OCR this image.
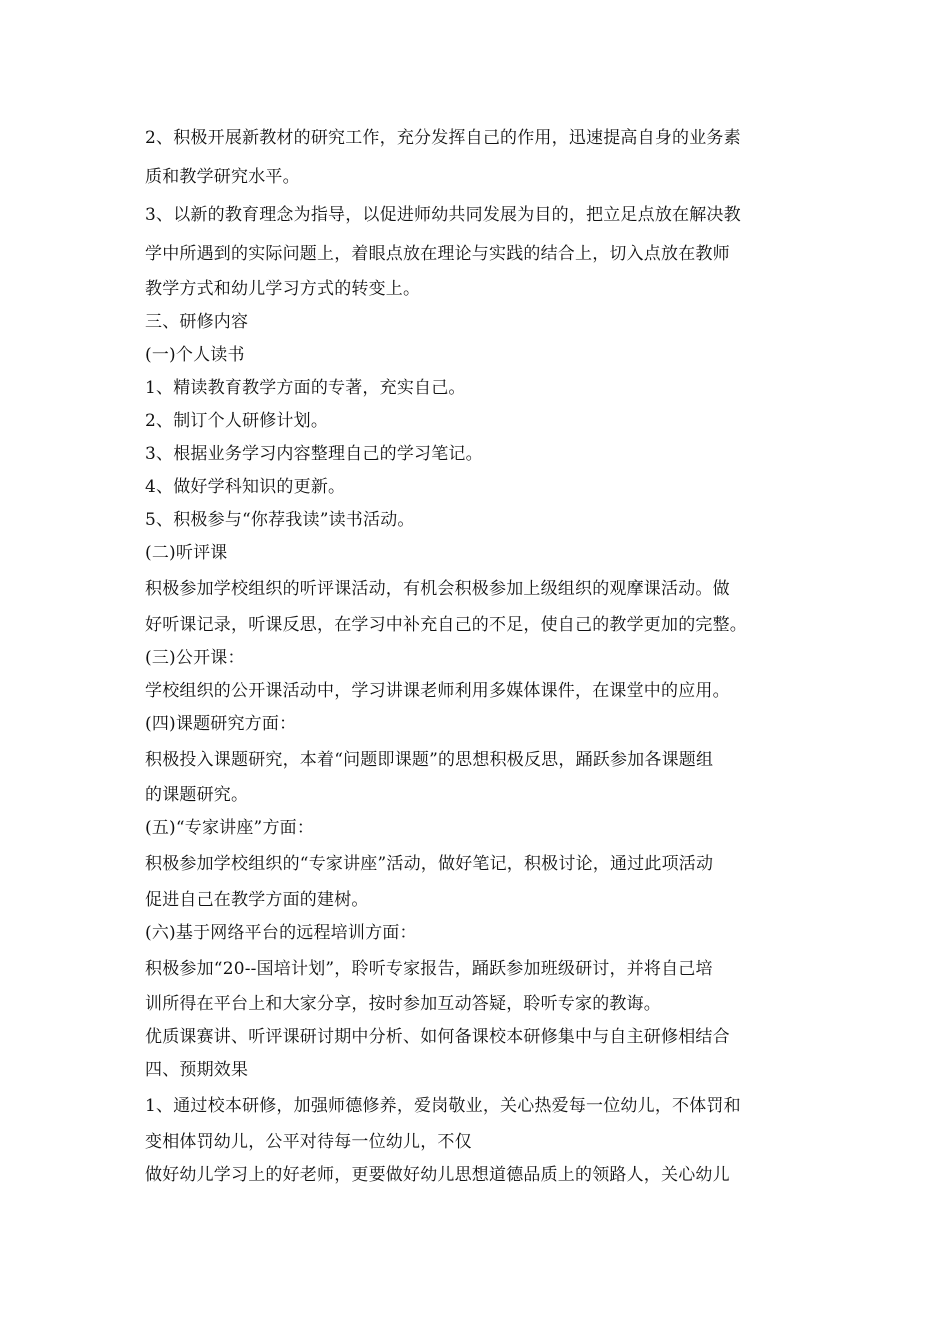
2、积极开展新教材的研究工作，充分发挥自己的作用，迅速提高自身的业务素
质和教学研究水平。
3、以新的教育理念为指导，以促进师幼共同发展为目的，把立足点放在解决教
学中所遇到的实际问题上，着眼点放在理论与实践的结合上，切入点放在教师
教学方式和幼儿学习方式的转变上。
三、研修内容
(一)个人读书
1、精读教育教学方面的专著，充实自己。
2、制订个人研修计划。
3、根据业务学习内容整理自己的学习笔记。
4、做好学科知识的更新。
5、积极参与“你荐我读”读书活动。
(二)听评课
积极参加学校组织的听评课活动，有机会积极参加上级组织的观摩课活动。做
好听课记录，听课反思，在学习中补充自己的不足，使自己的教学更加的完整。
(三)公开课：
学校组织的公开课活动中，学习讲课老师利用多媒体课件，在课堂中的应用。
(四)课题研究方面：
积极投入课题研究，本着“问题即课题”的思想积极反思，踊跃参加各课题组
的课题研究。
(五)“专家讲座”方面：
积极参加学校组织的“专家讲座”活动，做好笔记，积极讨论，通过此项活动
促进自己在教学方面的建树。
(六)基于网络平台的远程培训方面：
积极参加“20--国培计划”，聆听专家报告，踊跃参加班级研讨，并将自己培
训所得在平台上和大家分享，按时参加互动答疑，聆听专家的教诲。
优质课赛讲、听评课研讨期中分析、如何备课校本研修集中与自主研修相结合
四、预期效果
1、通过校本研修，加强师德修养，爱岗敬业，关心热爱每一位幼儿，不体罚和
变相体罚幼儿，公平对待每一位幼儿，不仅
做好幼儿学习上的好老师，更要做好幼儿思想道德品质上的领路人，关心幼儿
